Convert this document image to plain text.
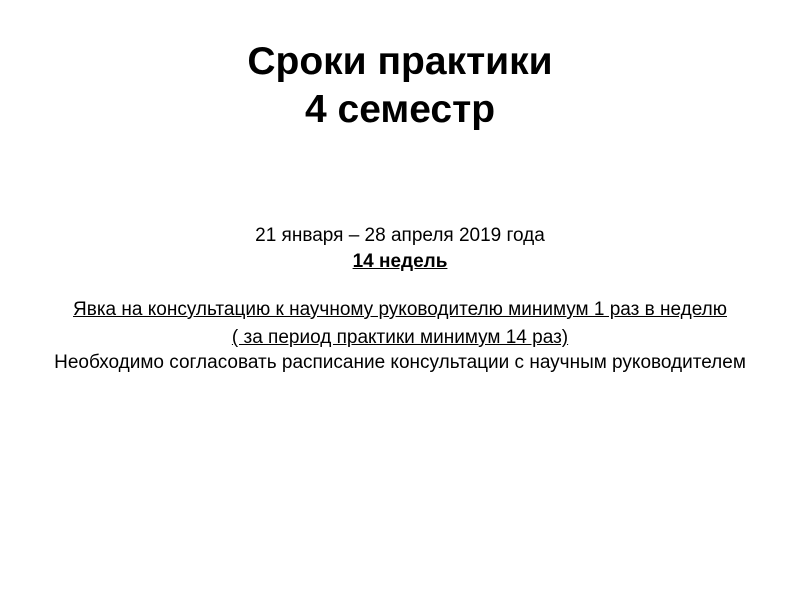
Сроки практики
4 семестр

21 января – 28 апреля 2019 года

14 недель

Явка на консультацию к научному руководителю минимум 1 раз в неделю

( за период практики минимум 14 раз)

Необходимо согласовать расписание консультации с научным руководителем
